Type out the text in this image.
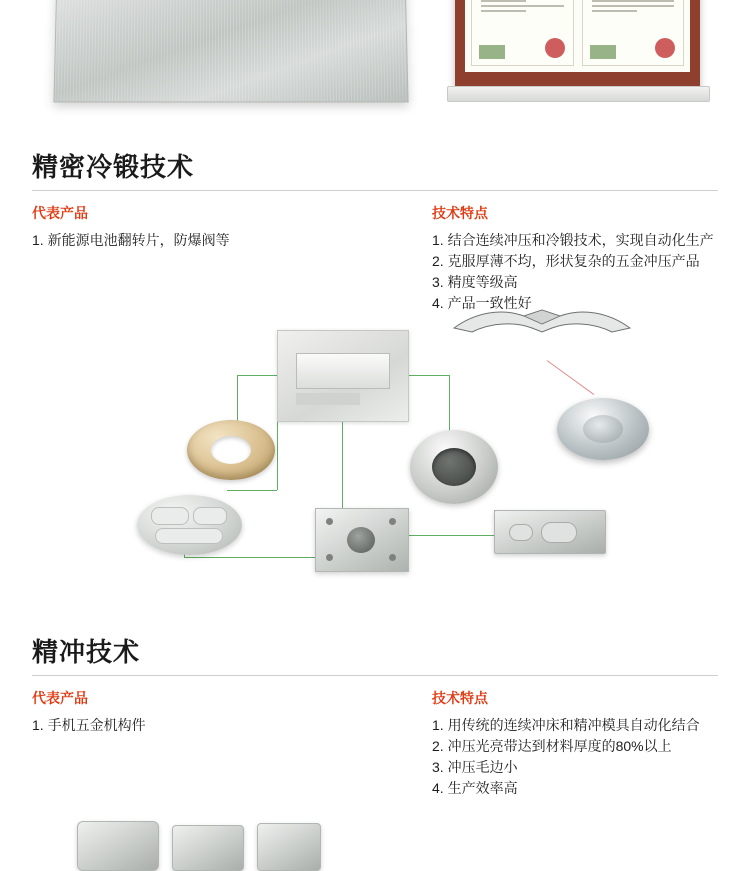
精密冷锻技术
代表产品
1. 新能源电池翻转片，防爆阀等
技术特点
1. 结合连续冲压和冷锻技术，实现自动化生产
2. 克服厚薄不均，形状复杂的五金冲压产品
3. 精度等级高
4. 产品一致性好
精冲技术
代表产品
1. 手机五金机构件
技术特点
1. 用传统的连续冲床和精冲模具自动化结合
2. 冲压光亮带达到材料厚度的80%以上
3. 冲压毛边小
4. 生产效率高
